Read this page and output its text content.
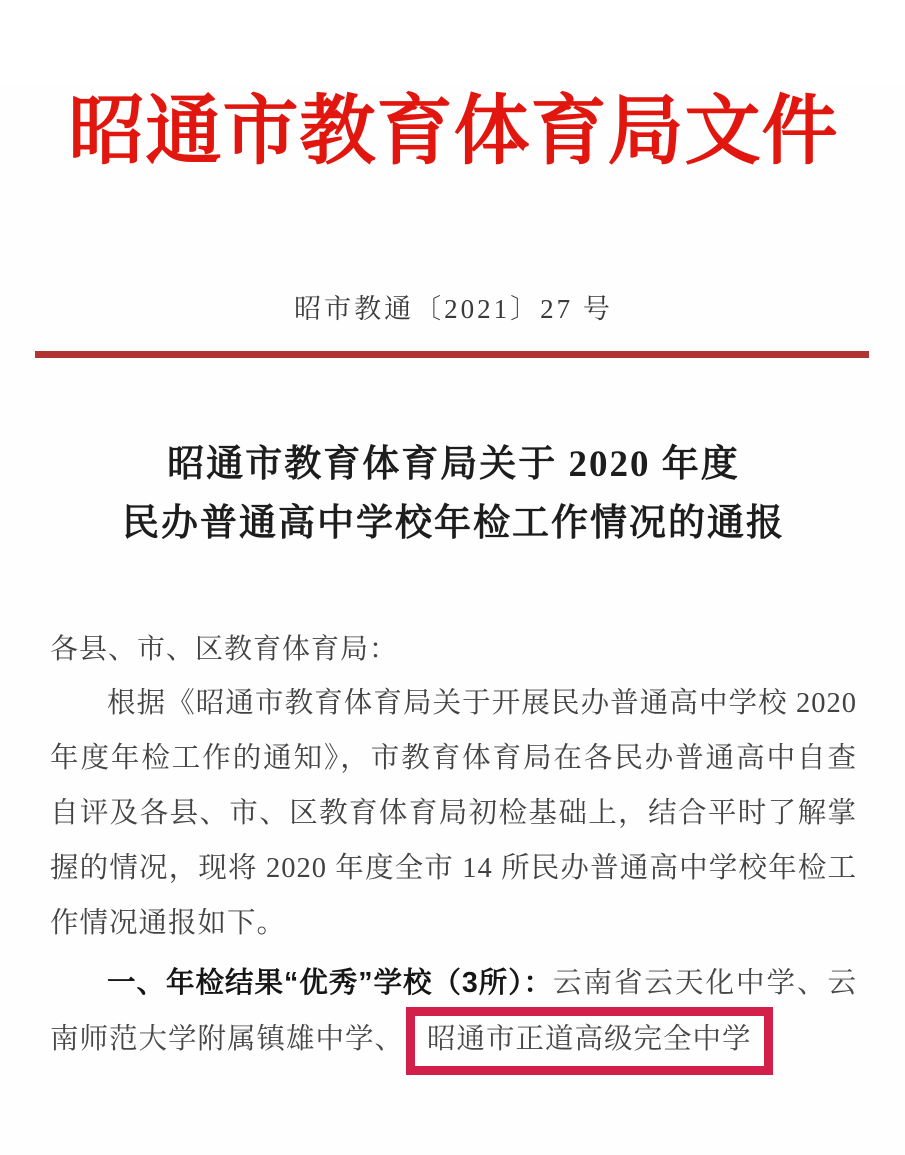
昭通市教育体育局文件
昭市教通〔2021〕27 号
昭通市教育体育局关于 2020 年度
民办普通高中学校年检工作情况的通报

各县、市、区教育体育局：

根据《昭通市教育体育局关于开展民办普通高中学校 2020 年度年检工作的通知》，市教育体育局在各民办普通高中自查自评及各县、市、区教育体育局初检基础上，结合平时了解掌握的情况，现将 2020 年度全市 14 所民办普通高中学校年检工作情况通报如下。

一、年检结果“优秀”学校（3所）：云南省云天化中学、云南师范大学附属镇雄中学、 昭通市正道高级完全中学
